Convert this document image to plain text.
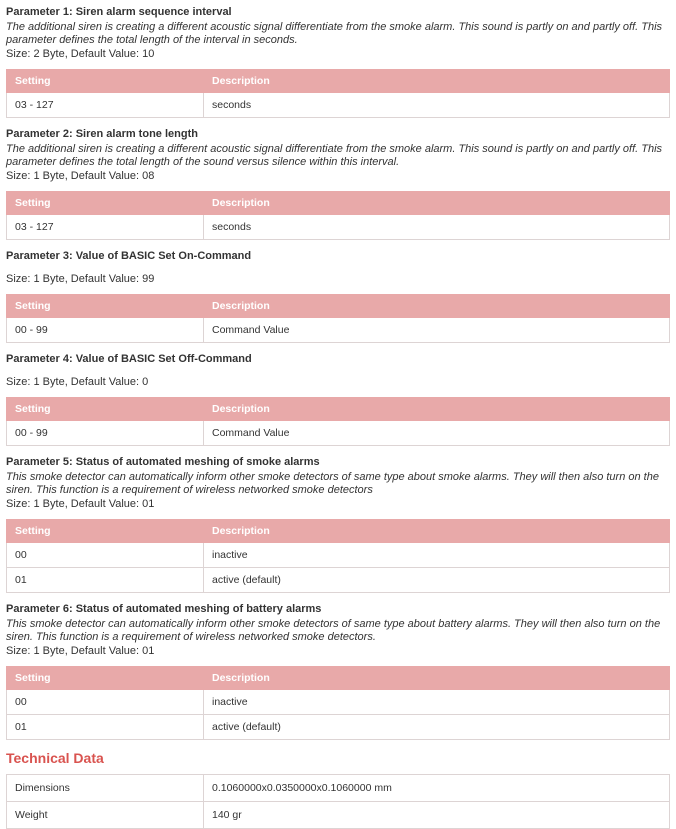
Parameter 1: Siren alarm sequence interval

The additional siren is creating a different acoustic signal differentiate from the smoke alarm. This sound is partly on and partly off. This parameter defines the total length of the interval in seconds.

Size: 2 Byte, Default Value: 10

Setting	Description
03 - 127	seconds

Parameter 2: Siren alarm tone length

The additional siren is creating a different acoustic signal differentiate from the smoke alarm. This sound is partly on and partly off. This parameter defines the total length of the sound versus silence within this interval.

Size: 1 Byte, Default Value: 08

Setting	Description
03 - 127	seconds

Parameter 3: Value of BASIC Set On-Command

Size: 1 Byte, Default Value: 99

Setting	Description
00 - 99	Command Value

Parameter 4: Value of BASIC Set Off-Command

Size: 1 Byte, Default Value: 0

Setting	Description
00 - 99	Command Value

Parameter 5: Status of automated meshing of smoke alarms

This smoke detector can automatically inform other smoke detectors of same type about smoke alarms. They will then also turn on the siren. This function is a requirement of wireless networked smoke detectors

Size: 1 Byte, Default Value: 01

Setting	Description
00	inactive
01	active (default)

Parameter 6: Status of automated meshing of battery alarms

This smoke detector can automatically inform other smoke detectors of same type about battery alarms. They will then also turn on the siren. This function is a requirement of wireless networked smoke detectors.

Size: 1 Byte, Default Value: 01

Setting	Description
00	inactive
01	active (default)
Technical Data
Dimensions	0.1060000x0.0350000x0.1060000 mm
Weight	140 gr
